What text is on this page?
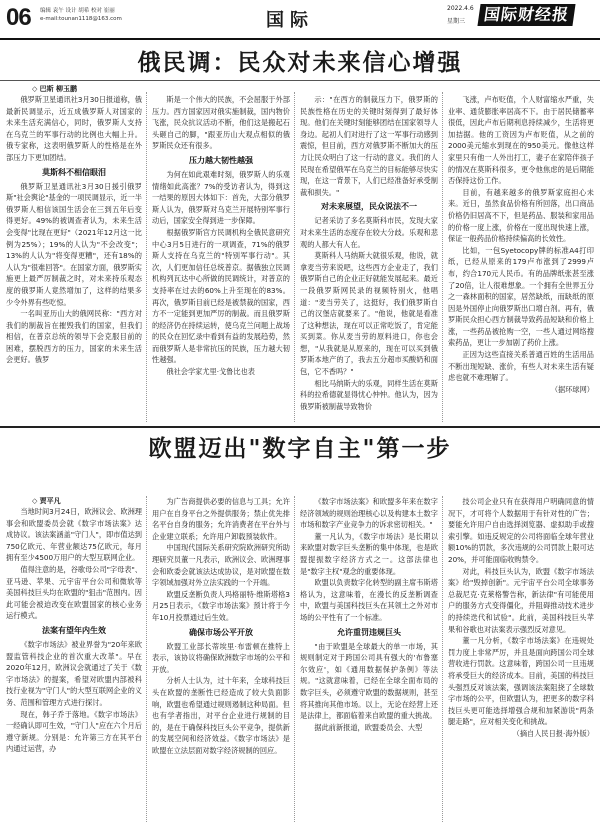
06 编辑 袁午 设计 胡希 校对 崔丽
e-mail:tounan1118@163.com	国际
2022.4.6
星期三	国际财经报
俄民调：民众对未来信心增强
◇ 巴斯 柳玉鹏

俄罗斯卫星通讯社3月30日报道称，俄最新民调显示，近五成俄罗斯人对国家的未来生活充满信心，同时，俄罗斯人支持在乌克兰的军事行动的比例也大幅上升。俄专家称，这表明俄罗斯人的性格是在外部压力下更加团结。

莫斯科不相信眼泪

俄罗斯卫星通讯社3月30日援引俄罗斯"社会舆论"基金的一项民调显示，近一半俄罗斯人相信该国生活会在三到五年后变得更好。49%的被调查者认为，未来生活会变得"比现在更好"（2021年12月这一比例为25%）；19%的人认为"不会改变"；13%的人认为"将变得更糟"，还有18%的人认为"很难回答"。在国家方面，俄罗斯实施更上最严厉制裁之时，对未来持乐观态度的俄罗斯人竟然增加了，这样的结果多少令外界有些吃惊。

一名叫亚历山大的俄网民称："西方对我们的制裁旨在摧毁我们的国家，但我们相信，在普京总统的领导下会克服目前的困难，摆脱西方的压力，国家的未来生活会更好。俄罗

斯是一个伟大的民族，不会屈服于外部压力。西方国家因对俄实施制裁，国内物价飞涨，民众抗议活动不断，他们这是搬起石头砸自己的脚，"跟亚历山大观点相似的俄罗斯民众还有很多。

压力越大韧性越强

为何在如此艰难时刻，俄罗斯人的乐观情绪如此高涨？7%的受访者认为，得到这一结果的原因大体如下：首先，大部分俄罗斯人认为，俄罗斯对乌克兰开展特别军事行动后，国家安全得到进一步保障。

根据俄罗斯官方民调机构全俄民意研究中心3月5日进行的一项调查，71%的俄罗斯人支持在乌克兰的"特别军事行动"。其次，人们更加信任总统普京。据俄独立民调机构列瓦达中心所做的民调统计，对普京的支持率在过去的60%上升至现在的83%。再次，俄罗斯目前已经是被禁裁的国家，西方不一定能到更加严厉的制裁。而且俄罗斯的经济仍在持续运转，使乌克兰问题上战场的民众在回忆录中看到有益的发展趋势，然而俄罗斯人是非常抗压的民族，压力越大韧性越强。

俄社会学家尤里·戈鲁比也表

示："在西方的制裁压力下，俄罗斯的民族性格在历史的关键时刻得到了最好体现。他们在关键时刻能够团结在国家领导人身边。起初人们对进行了这一军事行动感到震惊，但目前，西方对俄罗斯不断加大的压力让民众明白了这一行动的意义。我们的人民现在希望俄军在乌克兰的目标能够尽快实现，在这一背景下，人们已经准备好承受制裁和损失。"

对未来展望，民众说法不一

记者采访了多名莫斯科市民，发现大家对未来生活的态度存在较大分歧。乐观和悲观的人都大有人在。

莫斯科人马纳斯大就很乐观，他说，就拿麦当劳来说吧，这些西方企业走了，我们俄罗斯自己的企业正好就能发展起来。最近一段俄罗斯网民录的视频特别火，他唱道："麦当劳关了，这挺好，我们俄罗斯自己的汉堡店就要来了。"他说，他就是看准了这种想法，现在可以正常吃饭了，肯定能买到菜。你从麦当劳的原料进口，你也会想，"从我就是从原来的，现在可以买到俄罗斯本地产的了，我去五分超市买酸奶和面包，它不香吗？"

相比马纳斯大的乐观，同样生活在莫斯科的拉希德就显得忧心忡忡。他认为，因为俄罗斯被制裁导致物价

飞涨，卢布贬值，个人财富缩水严重，失业率、通货膨胀率居高不下。由于居民储蓄率很低，因此卢布后期利息持续减少，生活将更加拮据。他的工资因为卢布贬值，从之前的2000美元缩水到现在的950美元。像他这样家里只有他一人外出打工，妻子在家陪伴孩子的情况在莫斯科很多，更令他焦虑的是后期能否保持这份工作。

目前，有越来越多的俄罗斯家庭担心未来。近日，虽然食品价格有所回落，出口商品价格仍旧居高不下，但是药品、服装和家用品的价格一度上涨，价格在一度出现快速上涨，保证一般药品价格持续偏高的长效性。

比如，一包Syetocopy牌的标准A4打印纸，已经从原来的179卢布涨到了2999卢布，约合170元人民币。有的品牌纸张甚至涨了20倍，让人很难想象。一个拥有全世界五分之一森林面积的国家，居然缺纸，而缺纸的原因是外国停止向俄罗斯出口增白剂。再有，俄罗斯民众担心西方制裁导致药品短缺和价格上涨，一些药品被抢购一空，一些人通过网络搜索药品，更让一步加剧了药价上涨。

正因为这些直接关系普通百姓的生活用品不断出现短缺、涨价，有些人对未来生活有疑虑也就不难理解了。

（据环球网）

欧盟迈出"数字自主"第一步
◇ 贾平凡

当地时间3月24日，欧洲议会、欧洲理事会和欧盟委员会就《数字市场法案》达成协议。该法案涵盖"守门人"，即市值达到750亿欧元、年营业额达75亿欧元，每月拥有至少4500万用户的大型互联网企业。

值得注意的是，谷歌母公司"字母表"、亚马逊、苹果、元宇宙平台公司和微软等美国科技巨头均在欧盟的"狙击"范围内。因此可能会被迫改变在欧盟国家的核心业务运行模式。

法案有望年内生效

《数字市场法》被业界誉为"20年来欧盟监管科技企业的首次重大改革"。早在2020年12月，欧洲议会就通过了关于《数字市场法》的提案，希望对欧盟内部被科技行业视为"守门人"的大型互联网企业的义务、范围和管理方式进行探讨。

现在，韩子乔于落地。《数字市场法》一经确认即可生效，"守门人"应在六个月后遵守新规。分别是：允许第三方在其平台内通过运营，办

为广告商提供必要的信息与工具；允许用户在自身平台之外提供服务；禁止优先排名平台自身的服务；允许消费者在平台外与企业建立联系；允许用户卸载预装软件。

中国现代国际关系研究院欧洲研究所助理研究员董一凡表示，欧洲议会、欧洲理事会和欧委会就该法达成协议，是对欧盟在数字领域加强对外立法实践的一个开端。

欧盟反垄断负责人玛格丽特·维斯塔格3月25日表示，《数字市场法案》预计将于今年10月投票通过后生效。

确保市场公平开放

欧盟工业部长蒂埃里·布雷顿在推特上表示，该协议将确保欧洲数字市场的公平和开放。

分析人士认为，过十年来，全球科技巨头在欧盟的垄断性已经造成了较大负面影响，欧盟也希望通过规则遏制这种局面。但也有学者指出，对平台企业进行规制的目的，是在于确保科技巨头公平竞争，提供新的发展空间和经济效益。《数字市场法》是欧盟在立法层面对数字经济规制的回应。

《数字市场法案》和欧盟多年来在数字经济领域的规则治理核心以及构建本土数字市场和数字产业竞争力的诉求密切相关。"

董一凡认为，《数字市场法》是长期以来欧盟对数字巨头垄断的集中体现，也是欧盟提振数字经济方式之一。这部法律也是"数字主权"观念的重要体现。

欧盟以负责数字化转型的副主席韦斯塔格认为，这意味着，在漫长的反垄断调查中，欧盟与美国科技巨头在其领土之外对市场的公平性有了一个标准。

允许重罚违规巨头

"由于欧盟是全球最大的单一市场，其规则制定对于跨国公司具有强大的'布鲁塞尔效应'，如《通用数据保护条例》等法规。"这就意味着，已经在全球全面布局的数字巨头，必须遵守欧盟的数据规则，甚至将其推向其他市场。以上，无论在经营上还是法律上，都面临着来自欧盟的重大挑战。

据此前新报道，欧盟委员会、大型

技公司企业只有在获得用户明确同意的情况下，才可将个人数据用于有针对性的广告；要能允许用户自由选择浏览器、虚拟助手或搜索引擎。如违反规定的公司将面临全球年营业额10%的罚款，多次违规的公司罚款上限可达20%，并可能面临收购禁令。

对此，科技巨头认为，欧盟《数字市场法案》给"毁掉创新"。元宇宙平台公司全球事务总裁尼克·克莱格警告称，新法律"有可能使用户的服务方式变得僵化，并阻碍推动技术进步的持续迭代和试验"。此前，美国科技巨头苹果和谷歌也对法案表示强烈反对意见。

董一凡分析，《数字市场法案》在违规处罚力度上非常严厉，并且是面向跨国公司全球营收进行罚款。这意味着，跨国公司一旦违规将承受巨大的经济成本。目前，美国的科技巨头强烈反对该法案，强调该法案阻挠了全球数字市场的公平，但欧盟认为，把更多的数字科技巨头更可能选择增强合规和加紧游说"两条腿走路"，应对相关变化和挑战。

（摘自人民日报·海外版）
